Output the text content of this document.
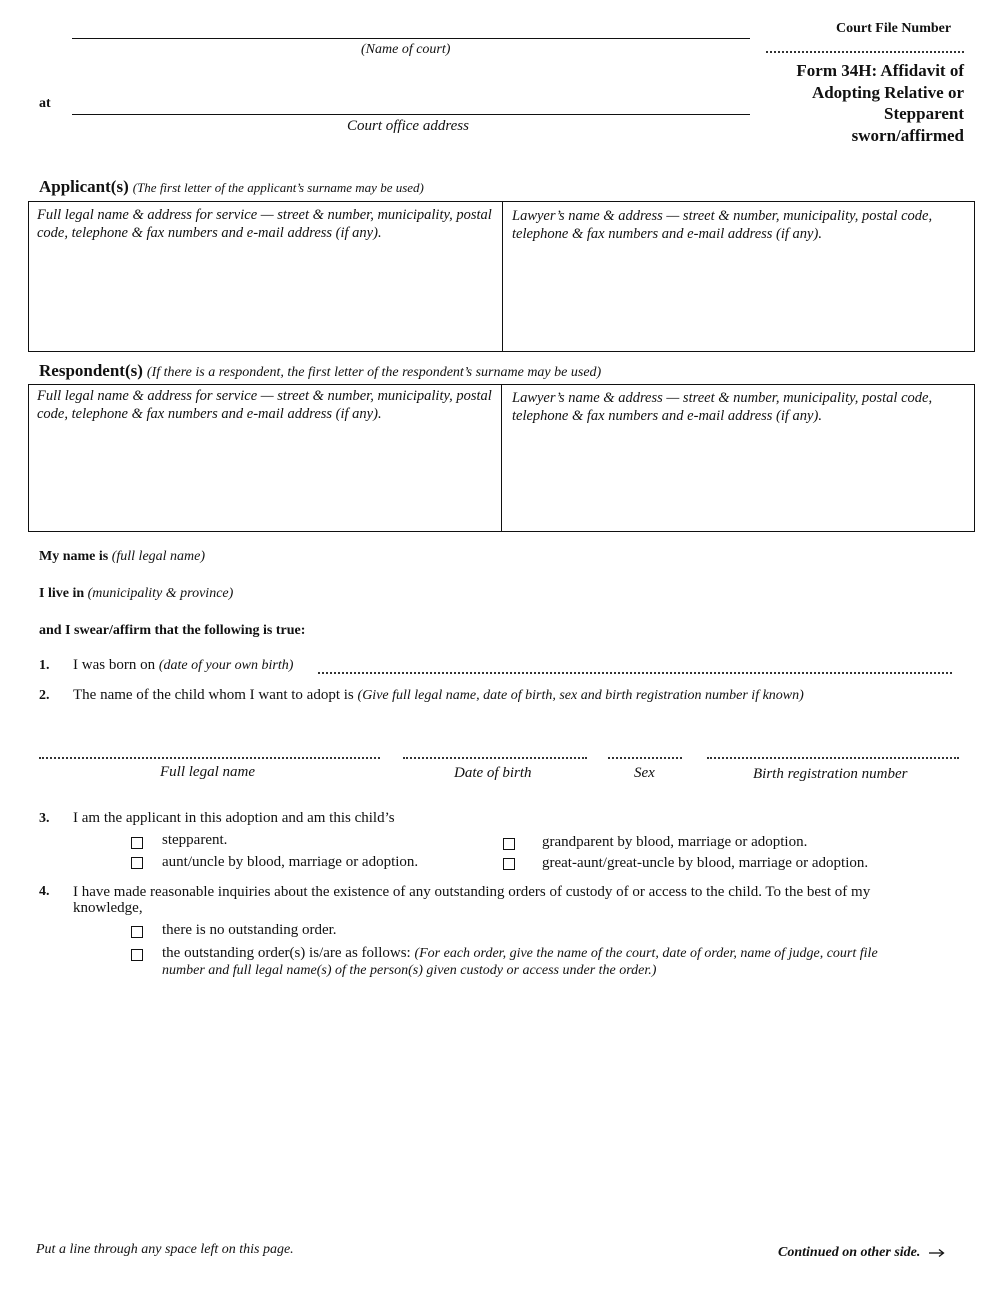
(Name of court)
at
Court office address
Court File Number
Form 34H: Affidavit of
Adopting Relative or
Stepparent
sworn/affirmed
Applicant(s) (The first letter of the applicant’s surname may be used)
Full legal name & address for service — street & number, municipality, postal code, telephone & fax numbers and e-mail address (if any).
Lawyer’s name & address — street & number, municipality, postal code, telephone & fax numbers and e-mail address (if any).
Respondent(s) (If there is a respondent, the first letter of the respondent’s surname may be used)
Full legal name & address for service — street & number, municipality, postal code, telephone & fax numbers and e-mail address (if any).
Lawyer’s name & address — street & number, municipality, postal code, telephone & fax numbers and e-mail address (if any).
My name is (full legal name)
I live in (municipality & province)
and I swear/affirm that the following is true:
1. I was born on (date of your own birth)
2. The name of the child whom I want to adopt is (Give full legal name, date of birth, sex and birth registration number if known)
Full legal name	Date of birth	Sex	Birth registration number
3. I am the applicant in this adoption and am this child’s
stepparent.
aunt/uncle by blood, marriage or adoption.
grandparent by blood, marriage or adoption.
great-aunt/great-uncle by blood, marriage or adoption.
4. I have made reasonable inquiries about the existence of any outstanding orders of custody of or access to the child. To the best of my
knowledge,
there is no outstanding order.
the outstanding order(s) is/are as follows: (For each order, give the name of the court, date of order, name of judge, court file
number and full legal name(s) of the person(s) given custody or access under the order.)
Put a line through any space left on this page.	Continued on other side.
